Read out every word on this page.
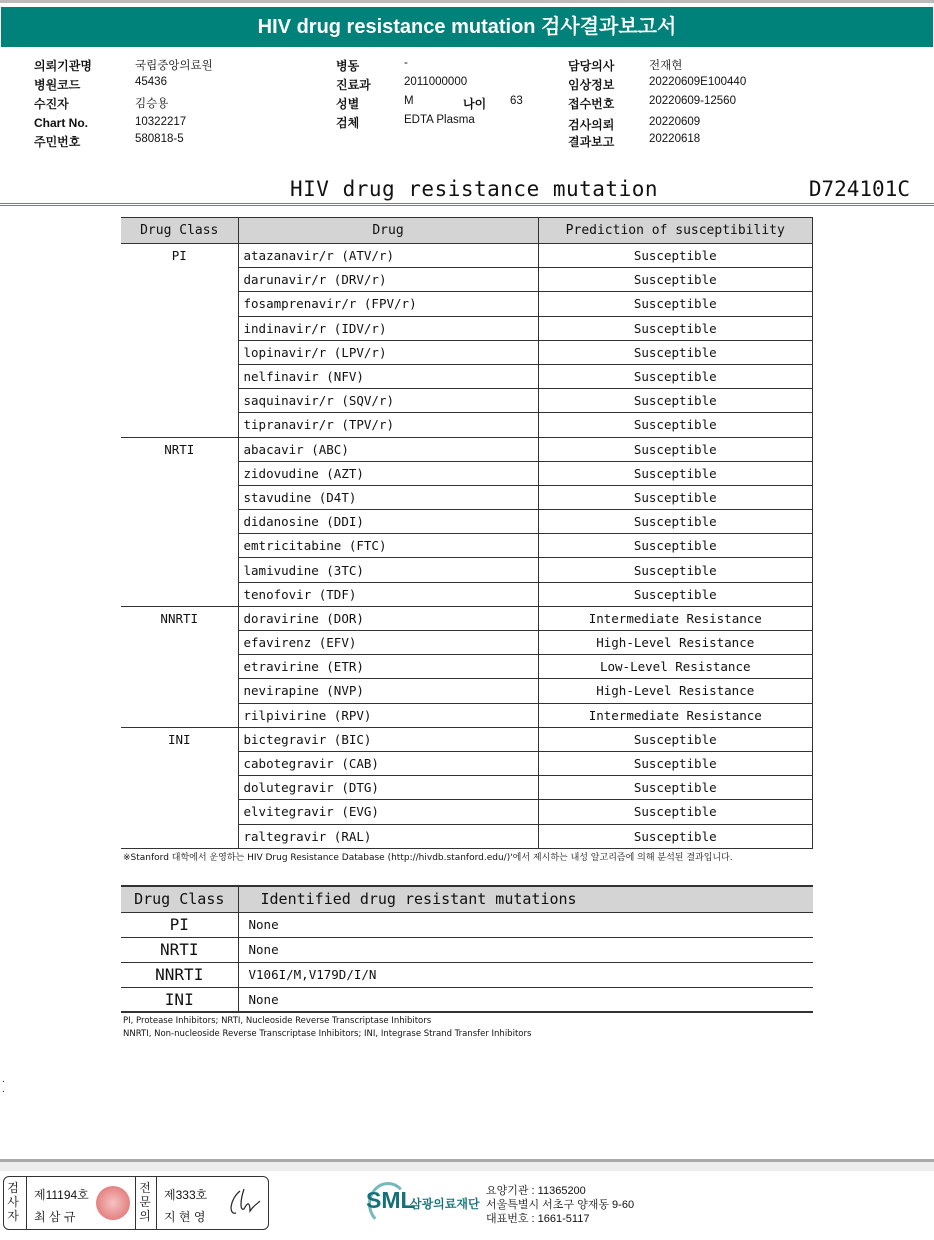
HIV drug resistance mutation 검사결과보고서
의뢰기관명	국립중앙의료원
병원코드	45436
수진자	김승용
Chart No.	10322217
주민번호	580818-5
병동	-
진료과	2011000000
성별	M
검체	EDTA Plasma
담당의사	전재현
임상정보	20220609E100440
접수번호	20220609-12560
검사의뢰	20220609
결과보고	20220618
나이 63
HIV drug resistance mutation	D724101C
Drug Class	Drug	Prediction of susceptibility
PI	atazanavir/r (ATV/r)	Susceptible
	darunavir/r (DRV/r)	Susceptible
	fosamprenavir/r (FPV/r)	Susceptible
	indinavir/r (IDV/r)	Susceptible
	lopinavir/r (LPV/r)	Susceptible
	nelfinavir (NFV)	Susceptible
	saquinavir/r (SQV/r)	Susceptible
	tipranavir/r (TPV/r)	Susceptible
NRTI	abacavir (ABC)	Susceptible
	zidovudine (AZT)	Susceptible
	stavudine (D4T)	Susceptible
	didanosine (DDI)	Susceptible
	emtricitabine (FTC)	Susceptible
	lamivudine (3TC)	Susceptible
	tenofovir (TDF)	Susceptible
NNRTI	doravirine (DOR)	Intermediate Resistance
	efavirenz (EFV)	High-Level Resistance
	etravirine (ETR)	Low-Level Resistance
	nevirapine (NVP)	High-Level Resistance
	rilpivirine (RPV)	Intermediate Resistance
INI	bictegravir (BIC)	Susceptible
	cabotegravir (CAB)	Susceptible
	dolutegravir (DTG)	Susceptible
	elvitegravir (EVG)	Susceptible
	raltegravir (RAL)	Susceptible
※Stanford 대학에서 운영하는 HIV Drug Resistance Database (http://hivdb.stanford.edu/)'에서 제시하는 내성 알고리즘에 의해 분석된 결과입니다.
Drug Class	Identified drug resistant mutations
PI	None
NRTI	None
NNRTI	V106I/M,V179D/I/N
INI	None
PI, Protease Inhibitors; NRTI, Nucleoside Reverse Transcriptase Inhibitors
NNRTI, Non-nucleoside Reverse Transcriptase Inhibitors; INI, Integrase Strand Transfer Inhibitors
.
.
검사자
제11194호
최 삼 규
전문의
제333호
지 현 영
SML
삼광의료재단
요양기관 : 11365200
서울특별시 서초구 양재동 9-60
대표번호 : 1661-5117
